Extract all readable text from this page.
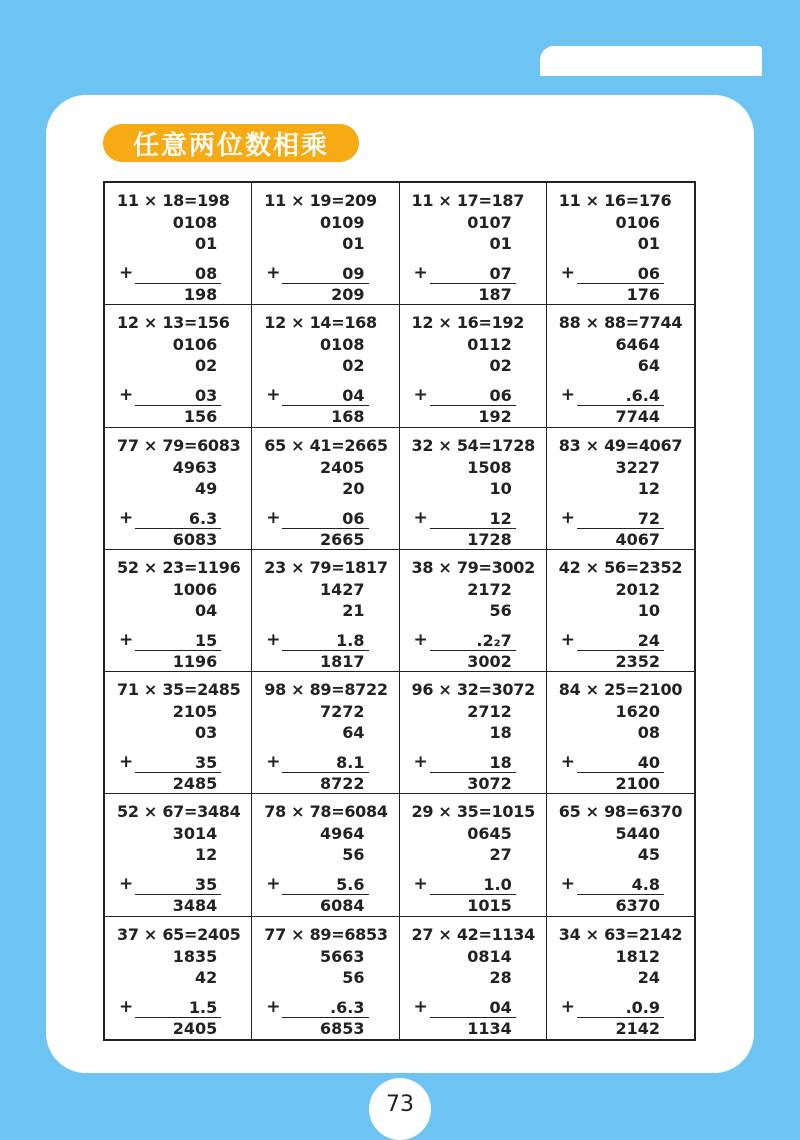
任意两位数相乘
11 × 18=198
0108
01
08
198
+
11 × 19=209
0109
01
09
209
+
11 × 17=187
0107
01
07
187
+
11 × 16=176
0106
01
06
176
+
12 × 13=156
0106
02
03
156
+
12 × 14=168
0108
02
04
168
+
12 × 16=192
0112
02
06
192
+
88 × 88=7744
6464
64
.6.4
7744
+
77 × 79=6083
4963
49
6.3
6083
+
65 × 41=2665
2405
20
06
2665
+
32 × 54=1728
1508
10
12
1728
+
83 × 49=4067
3227
12
72
4067
+
52 × 23=1196
1006
04
15
1196
+
23 × 79=1817
1427
21
1.8
1817
+
38 × 79=3002
2172
56
.2₂7
3002
+
42 × 56=2352
2012
10
24
2352
+
71 × 35=2485
2105
03
35
2485
+
98 × 89=8722
7272
64
8.1
8722
+
96 × 32=3072
2712
18
18
3072
+
84 × 25=2100
1620
08
40
2100
+
52 × 67=3484
3014
12
35
3484
+
78 × 78=6084
4964
56
5.6
6084
+
29 × 35=1015
0645
27
1.0
1015
+
65 × 98=6370
5440
45
4.8
6370
+
37 × 65=2405
1835
42
1.5
2405
+
77 × 89=6853
5663
56
.6.3
6853
+
27 × 42=1134
0814
28
04
1134
+
34 × 63=2142
1812
24
.0.9
2142
+
73
